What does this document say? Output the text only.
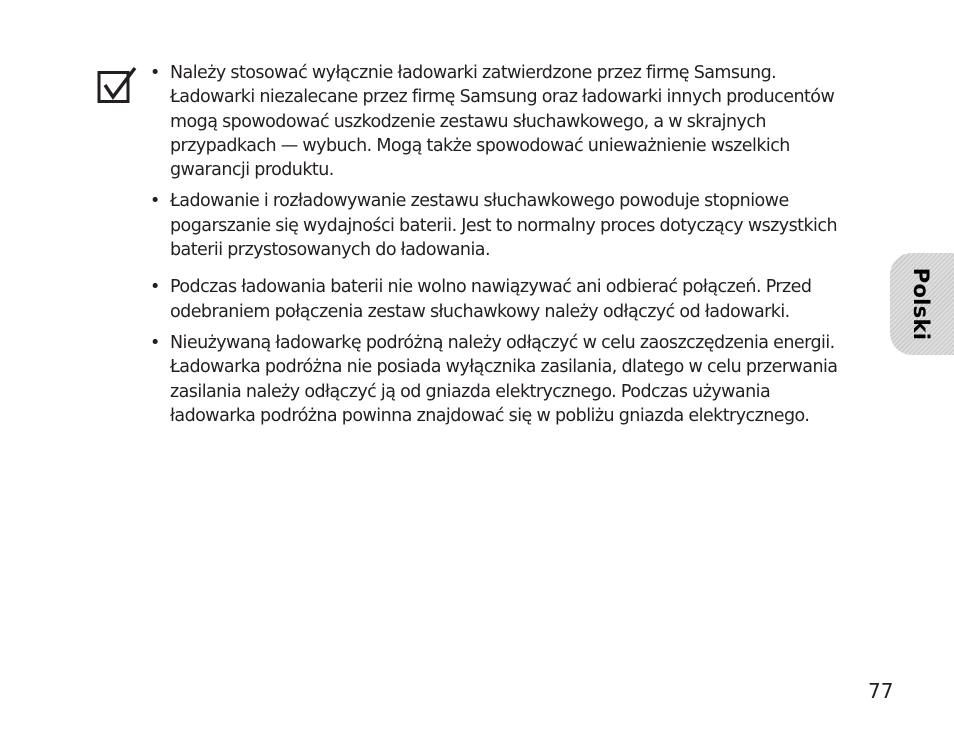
• Należy stosować wyłącznie ładowarki zatwierdzone przez firmę Samsung. Ładowarki niezalecane przez firmę Samsung oraz ładowarki innych producentów mogą spowodować uszkodzenie zestawu słuchawkowego, a w skrajnych przypadkach — wybuch. Mogą także spowodować unieważnienie wszelkich gwarancji produktu.
• Ładowanie i rozładowywanie zestawu słuchawkowego powoduje stopniowe pogarszanie się wydajności baterii. Jest to normalny proces dotyczący wszystkich baterii przystosowanych do ładowania.
• Podczas ładowania baterii nie wolno nawiązywać ani odbierać połączeń. Przed odebraniem połączenia zestaw słuchawkowy należy odłączyć od ładowarki.
• Nieużywaną ładowarkę podróżną należy odłączyć w celu zaoszczędzenia energii. Ładowarka podróżna nie posiada wyłącznika zasilania, dlatego w celu przerwania zasilania należy odłączyć ją od gniazda elektrycznego. Podczas używania ładowarka podróżna powinna znajdować się w pobliżu gniazda elektrycznego.
Polski
77
